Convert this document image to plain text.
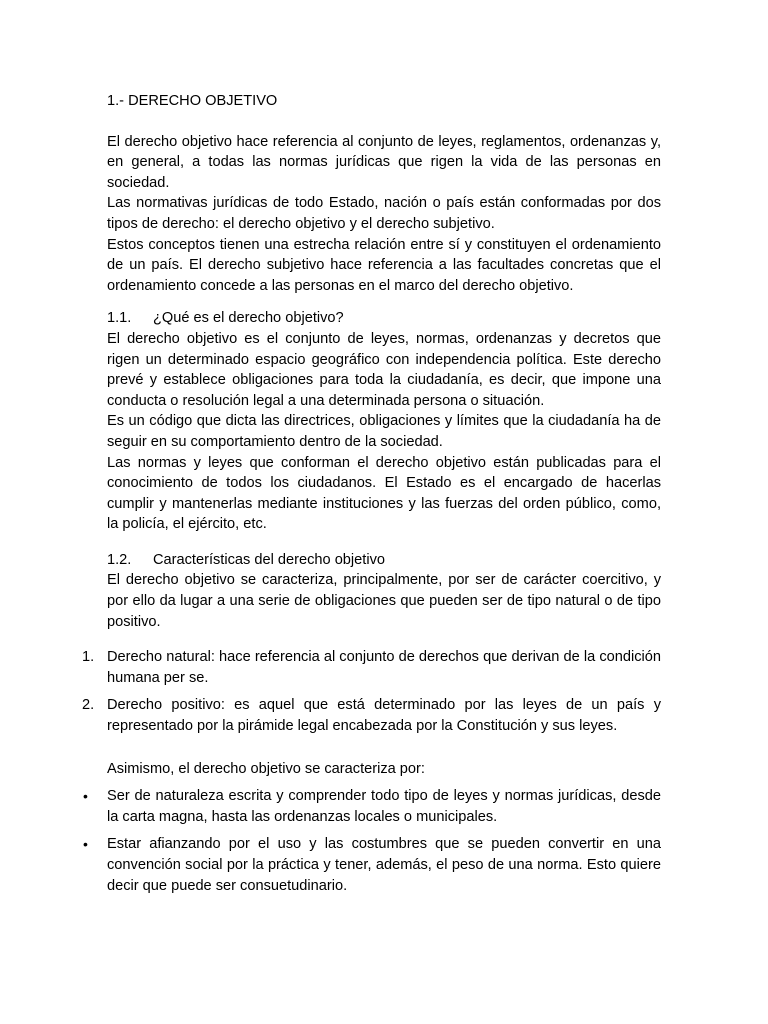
1.- DERECHO OBJETIVO

El derecho objetivo hace referencia al conjunto de leyes, reglamentos, ordenanzas y, en general, a todas las normas jurídicas que rigen la vida de las personas en sociedad.

Las normativas jurídicas de todo Estado, nación o país están conformadas por dos tipos de derecho: el derecho objetivo y el derecho subjetivo.

Estos conceptos tienen una estrecha relación entre sí y constituyen el ordenamiento de un país. El derecho subjetivo hace referencia a las facultades concretas que el ordenamiento concede a las personas en el marco del derecho objetivo.

1.1.	¿Qué es el derecho objetivo?

El derecho objetivo es el conjunto de leyes, normas, ordenanzas y decretos que rigen un determinado espacio geográfico con independencia política. Este derecho prevé y establece obligaciones para toda la ciudadanía, es decir, que impone una conducta o resolución legal a una determinada persona o situación.

Es un código que dicta las directrices, obligaciones y límites que la ciudadanía ha de seguir en su comportamiento dentro de la sociedad.

Las normas y leyes que conforman el derecho objetivo están publicadas para el conocimiento de todos los ciudadanos. El Estado es el encargado de hacerlas cumplir y mantenerlas mediante instituciones y las fuerzas del orden público, como, la policía, el ejército, etc.

1.2.	Características del derecho objetivo

El derecho objetivo se caracteriza, principalmente, por ser de carácter coercitivo, y por ello da lugar a una serie de obligaciones que pueden ser de tipo natural o de tipo positivo.

1. Derecho natural: hace referencia al conjunto de derechos que derivan de la condición humana per se.
2. Derecho positivo: es aquel que está determinado por las leyes de un país y representado por la pirámide legal encabezada por la Constitución y sus leyes.

Asimismo, el derecho objetivo se caracteriza por:

• Ser de naturaleza escrita y comprender todo tipo de leyes y normas jurídicas, desde la carta magna, hasta las ordenanzas locales o municipales.
• Estar afianzando por el uso y las costumbres que se pueden convertir en una convención social por la práctica y tener, además, el peso de una norma. Esto quiere decir que puede ser consuetudinario.
